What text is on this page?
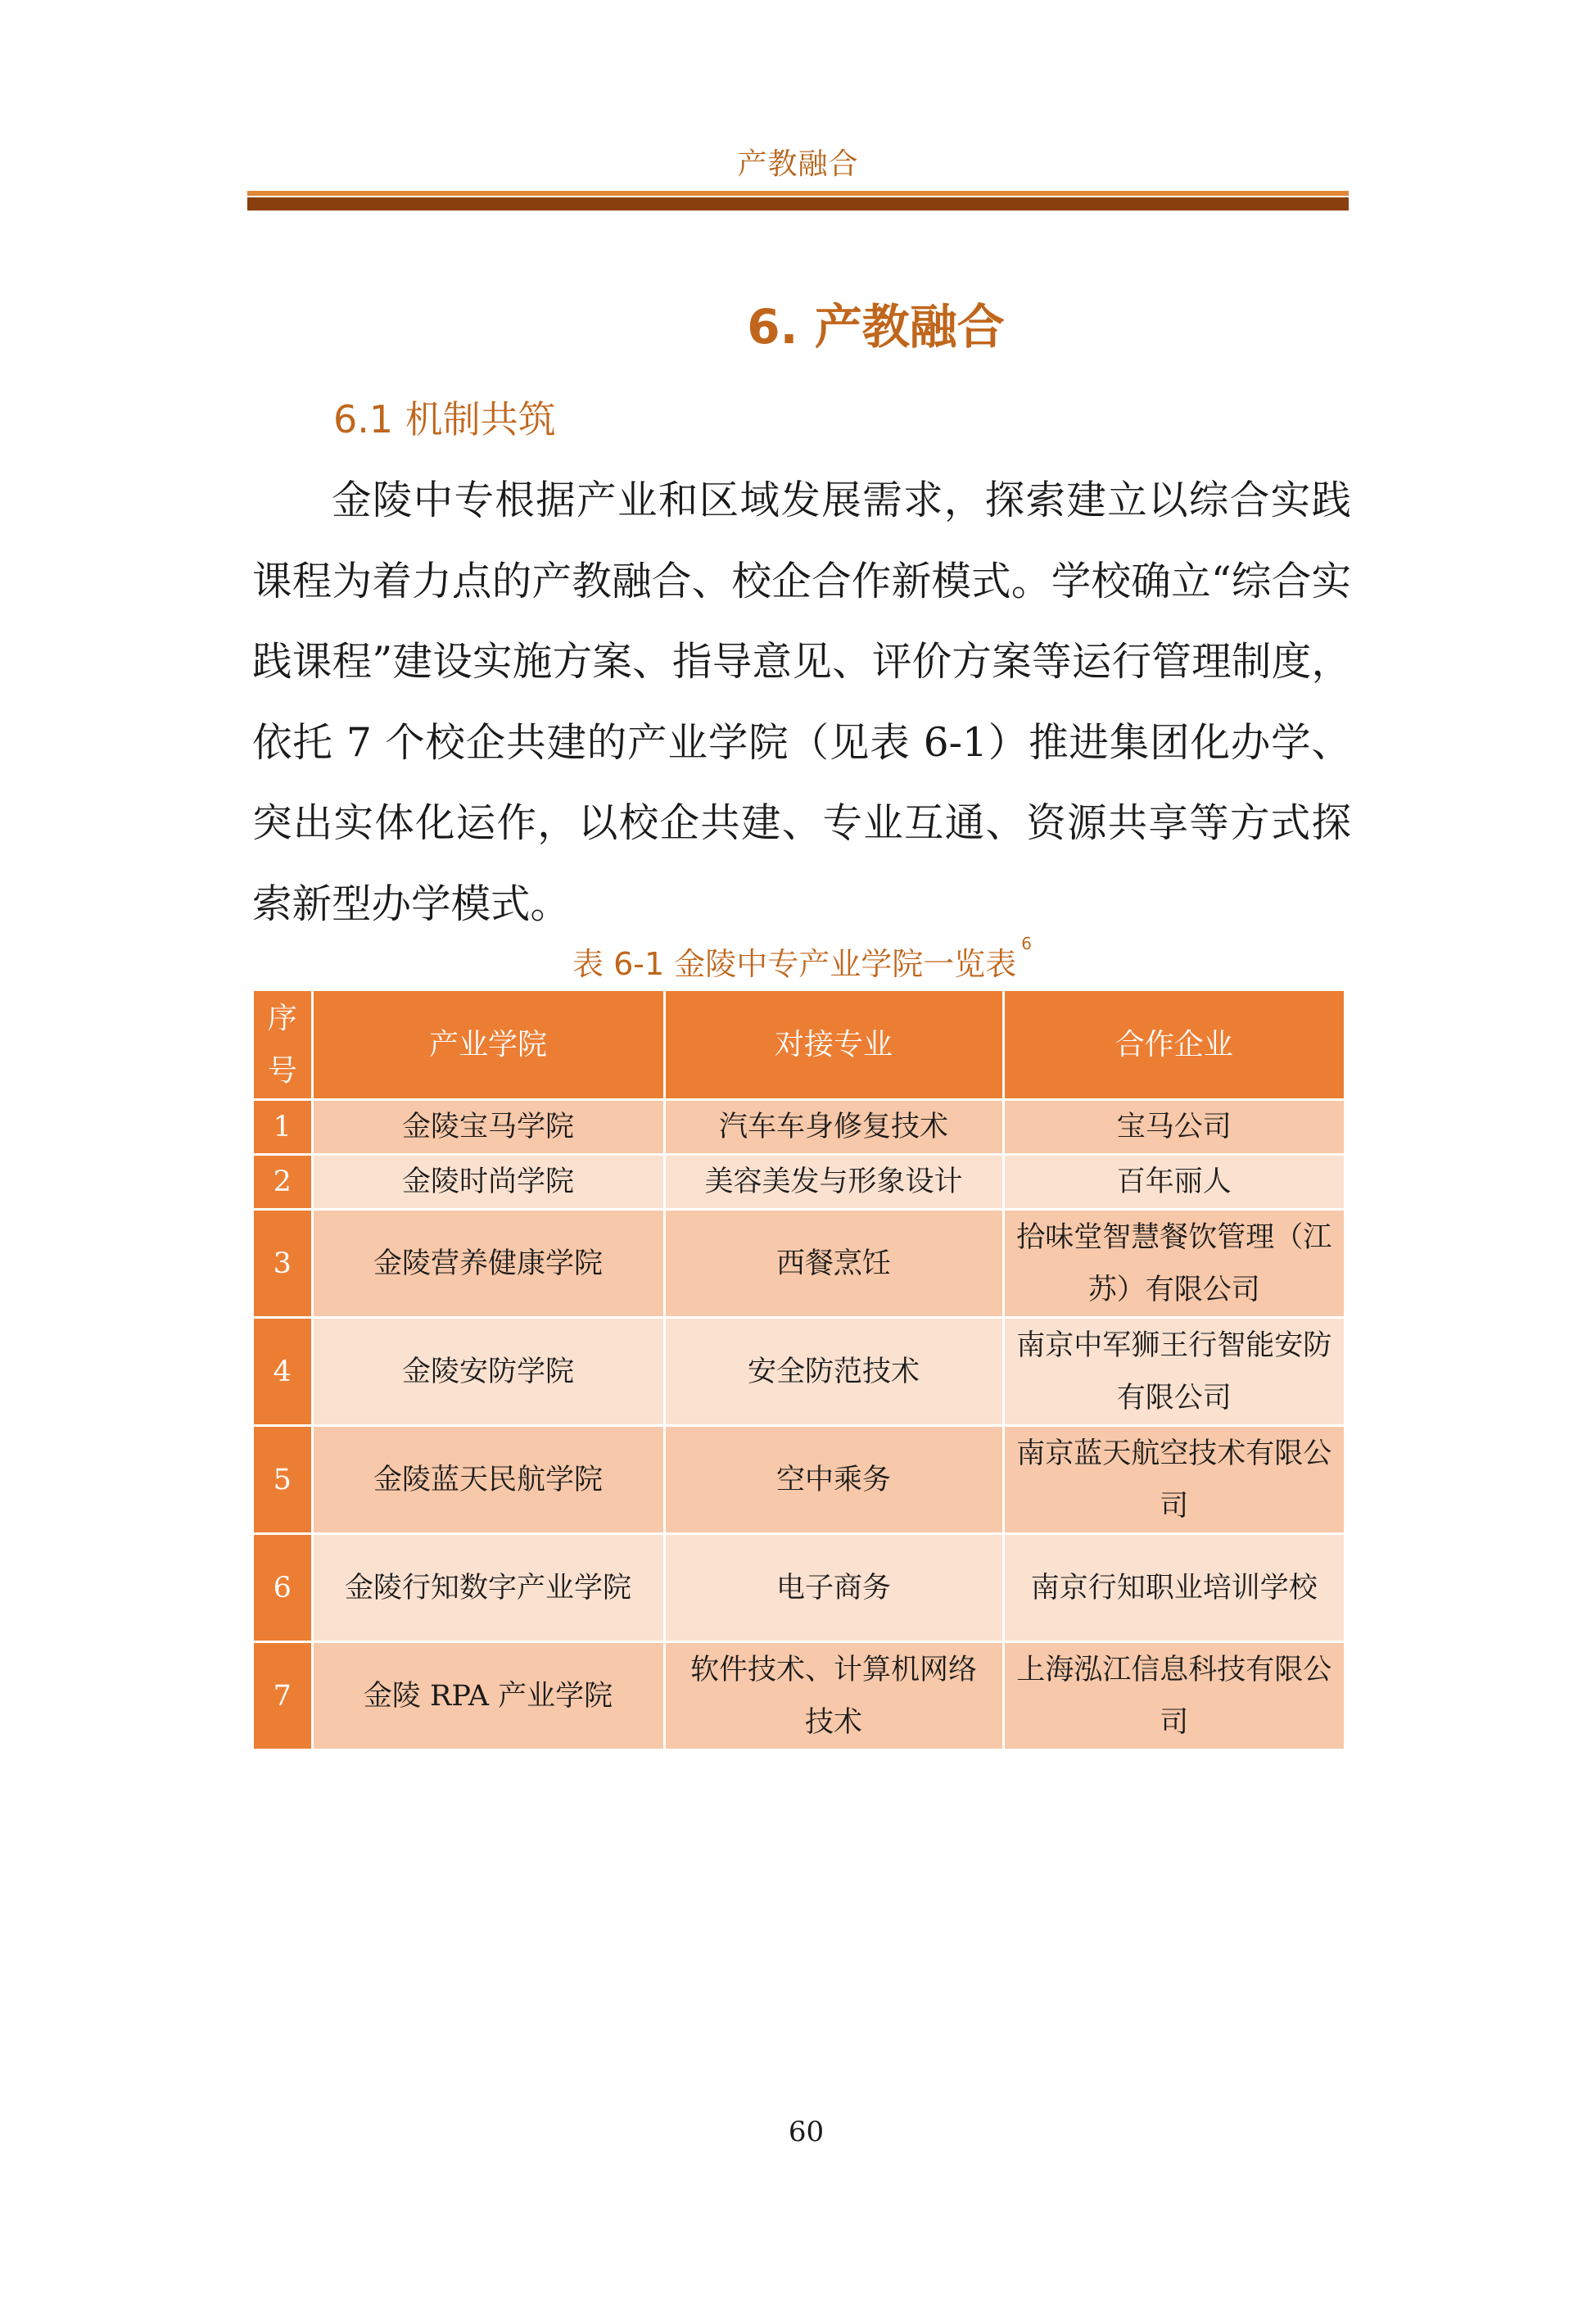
产教融合
6. 产教融合
6.1 机制共筑

金陵中专根据产业和区域发展需求，探索建立以综合实践课程为着力点的产教融合、校企合作新模式。学校确立“综合实践课程”建设实施方案、指导意见、评价方案等运行管理制度，依托 7 个校企共建的产业学院（见表 6-1）推进集团化办学、突出实体化运作，以校企共建、专业互通、资源共享等方式探索新型办学模式。

表 6-1 金陵中专产业学院一览表$^6$
序号	产业学院	对接专业	合作企业
1	金陵宝马学院	汽车车身修复技术	宝马公司
2	金陵时尚学院	美容美发与形象设计	百年丽人
3	金陵营养健康学院	西餐烹饪	拾味堂智慧餐饮管理（江苏）有限公司
4	金陵安防学院	安全防范技术	南京中军狮王行智能安防有限公司
5	金陵蓝天民航学院	空中乘务	南京蓝天航空技术有限公司
6	金陵行知数字产业学院	电子商务	南京行知职业培训学校
7	金陵 RPA 产业学院	软件技术、计算机网络技术	上海泓江信息科技有限公司
60
